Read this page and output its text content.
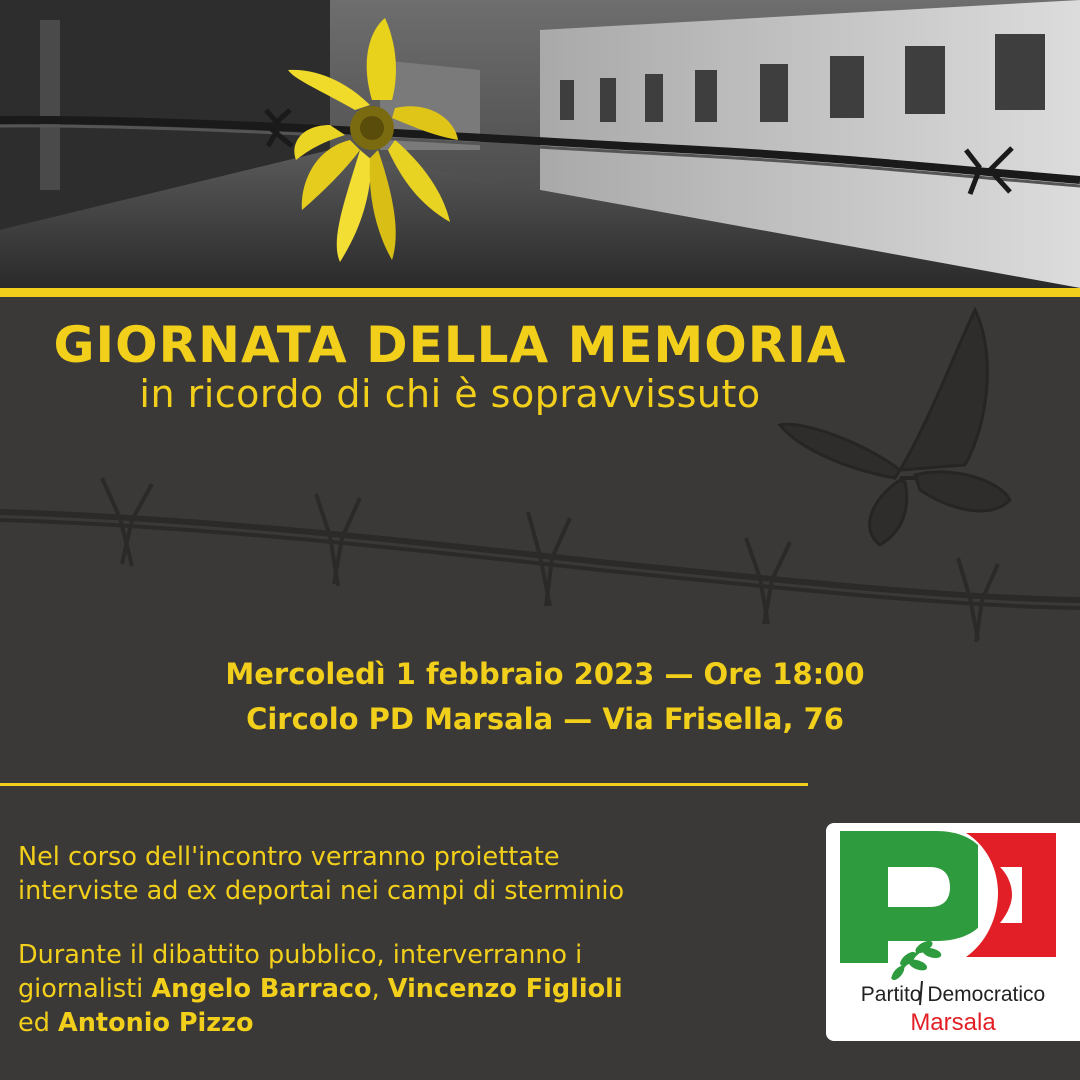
GIORNATA DELLA MEMORIA
in ricordo di chi è sopravvissuto
Mercoledì 1 febbraio 2023 — Ore 18:00
Circolo PD Marsala — Via Frisella, 76
Nel corso dell'incontro verranno proiettate
interviste ad ex deportai nei campi di sterminio
Durante il dibattito pubblico, interverranno i
giornalisti Angelo Barraco, Vincenzo Figlioli
ed Antonio Pizzo
Partito Democratico
Marsala
